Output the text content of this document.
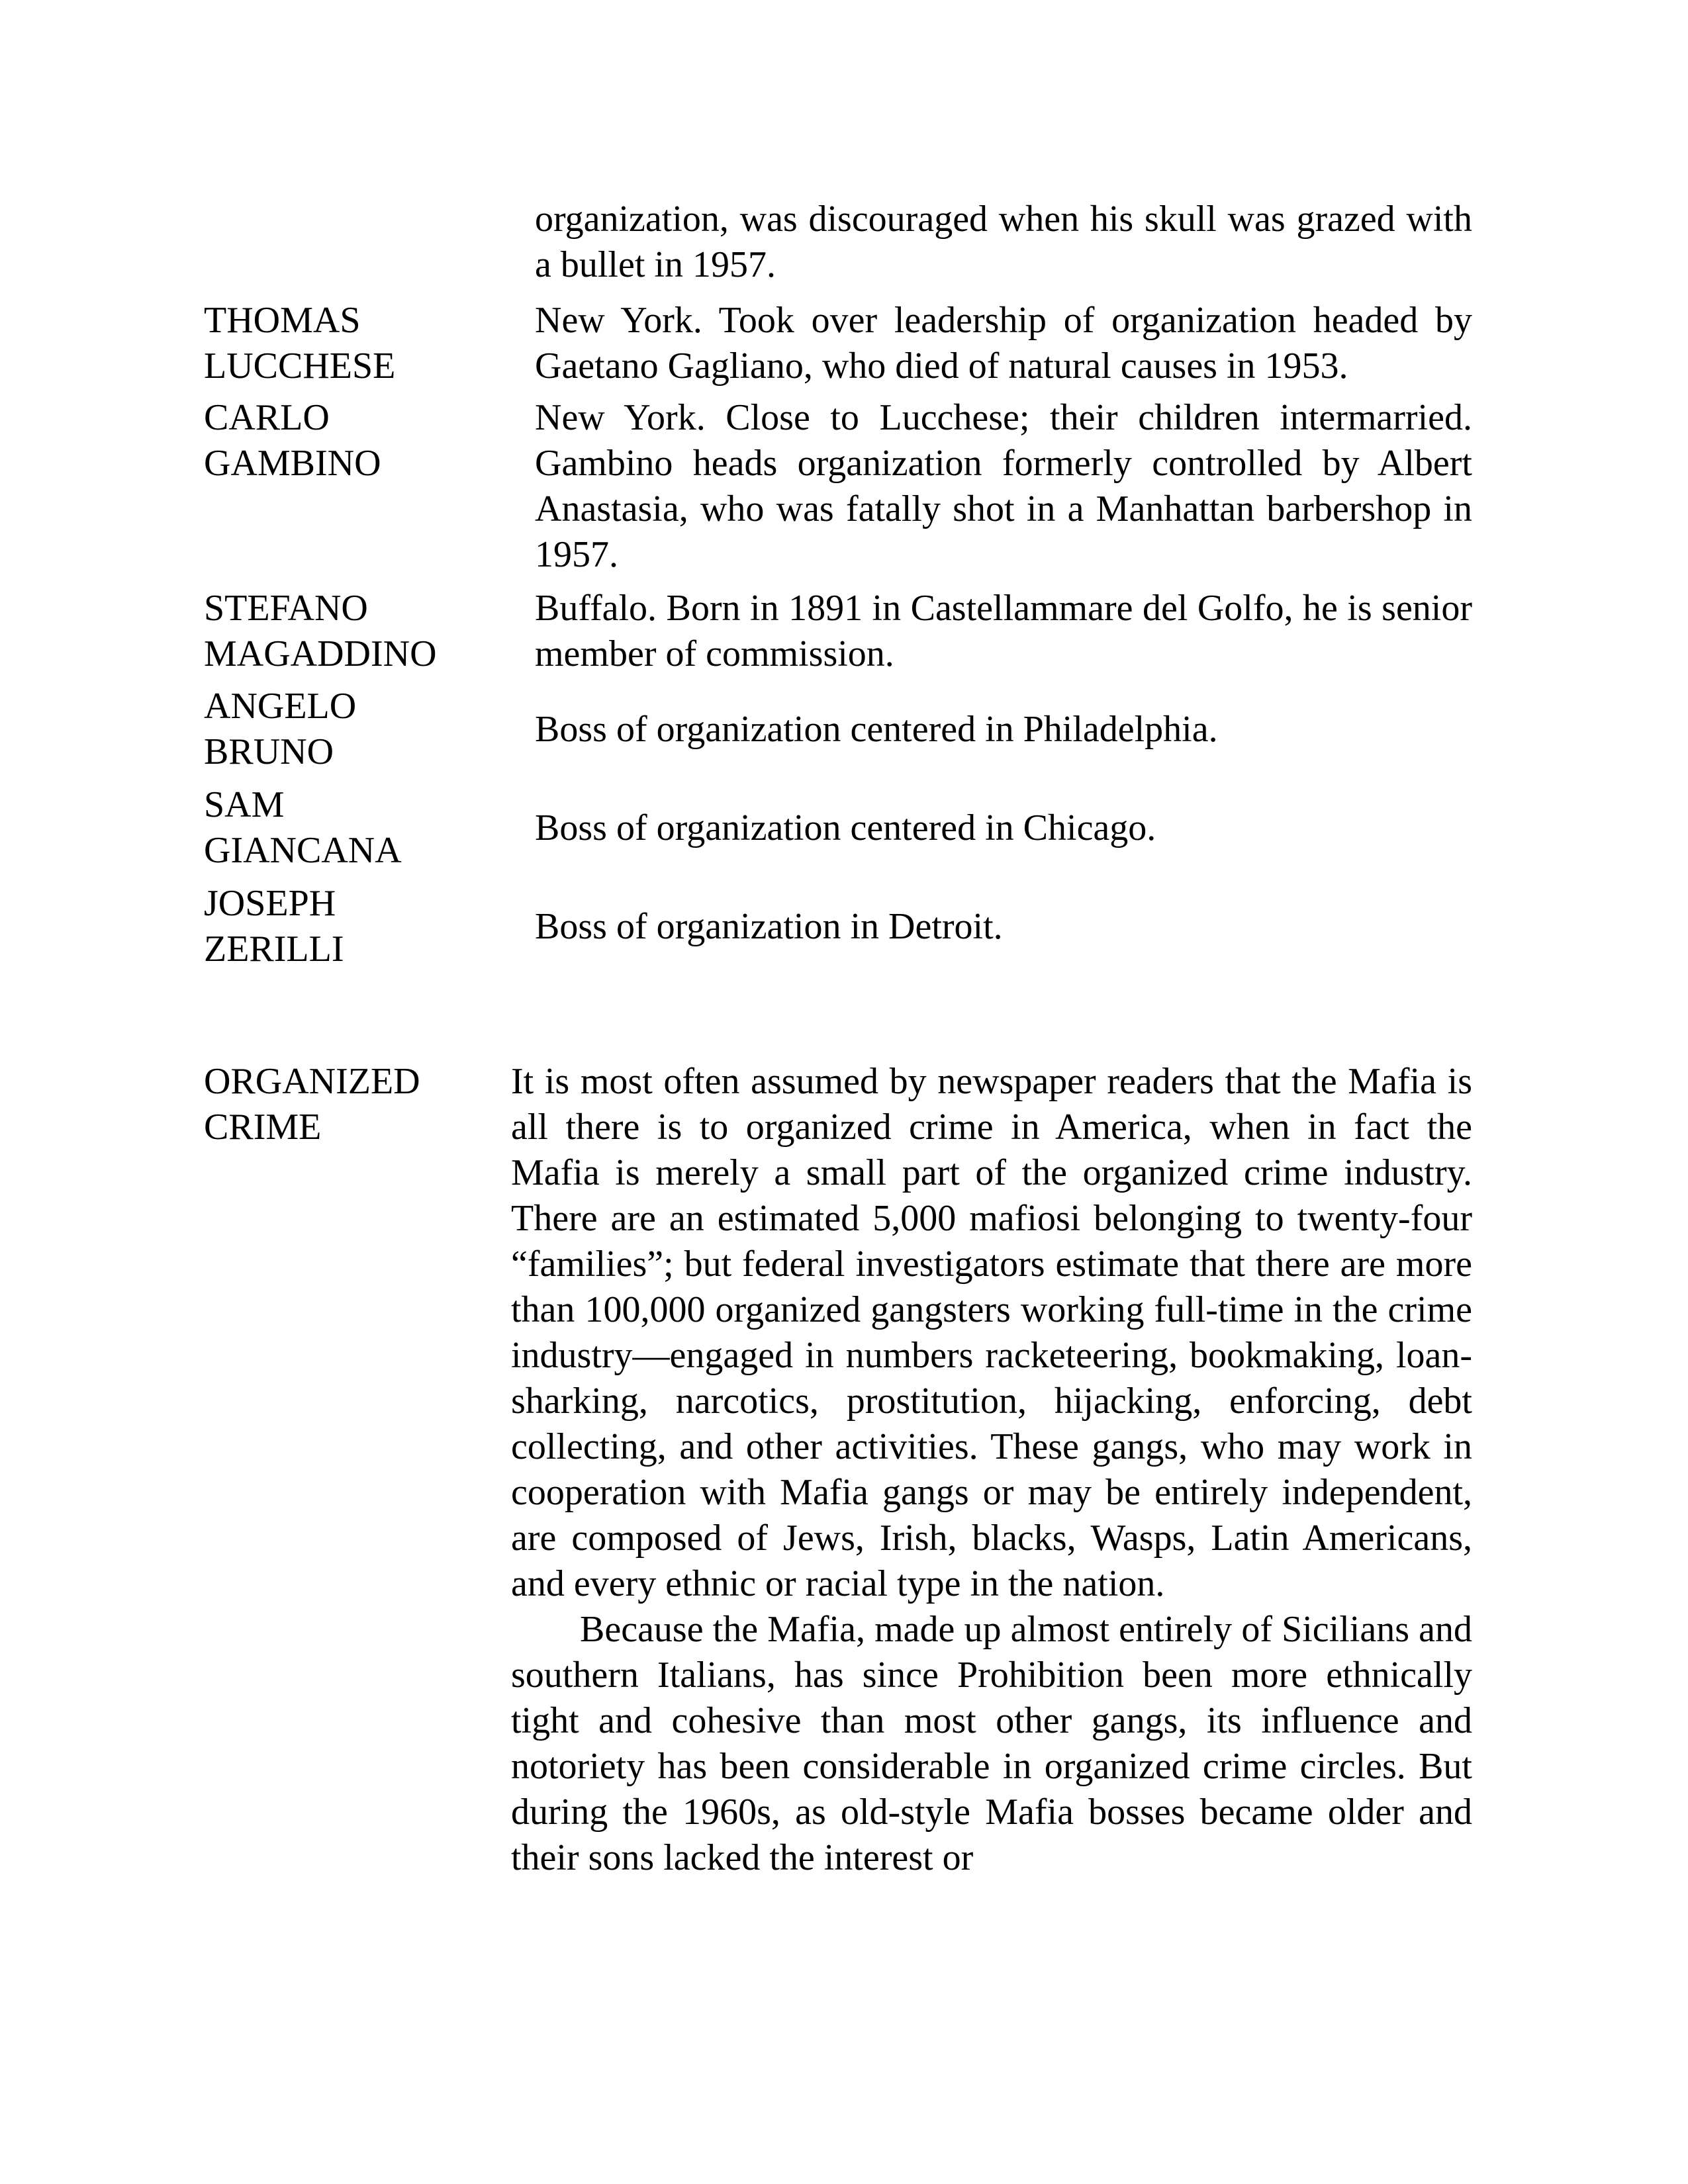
organization, was discouraged when his skull was grazed with a bullet in 1957.
THOMAS
LUCCHESE
New York. Took over leadership of organization headed by Gaetano Gagliano, who died of natural causes in 1953.
CARLO
GAMBINO
New York. Close to Lucchese; their children intermarried. Gambino heads organization formerly controlled by Albert Anastasia, who was fatally shot in a Manhattan barbershop in 1957.
STEFANO
MAGADDINO
Buffalo. Born in 1891 in Castellammare del Golfo, he is senior member of commission.
ANGELO
BRUNO
Boss of organization centered in Philadelphia.
SAM
GIANCANA
Boss of organization centered in Chicago.
JOSEPH
ZERILLI
Boss of organization in Detroit.
ORGANIZED
CRIME

It is most often assumed by newspaper readers that the Mafia is all there is to organized crime in America, when in fact the Mafia is merely a small part of the organized crime industry. There are an estimated 5,000 mafiosi belonging to twenty-four “families”; but federal investigators estimate that there are more than 100,000 organized gangsters working full-time in the crime industry—engaged in numbers racketeering, bookmaking, loan-sharking, narcotics, prostitution, hijacking, enforcing, debt collecting, and other activities. These gangs, who may work in cooperation with Mafia gangs or may be entirely independent, are composed of Jews, Irish, blacks, Wasps, Latin Americans, and every ethnic or racial type in the nation.

Because the Mafia, made up almost entirely of Sicilians and southern Italians, has since Prohibition been more ethnically tight and cohesive than most other gangs, its influence and notoriety has been considerable in organized crime circles. But during the 1960s, as old-style Mafia bosses became older and their sons lacked the interest or
